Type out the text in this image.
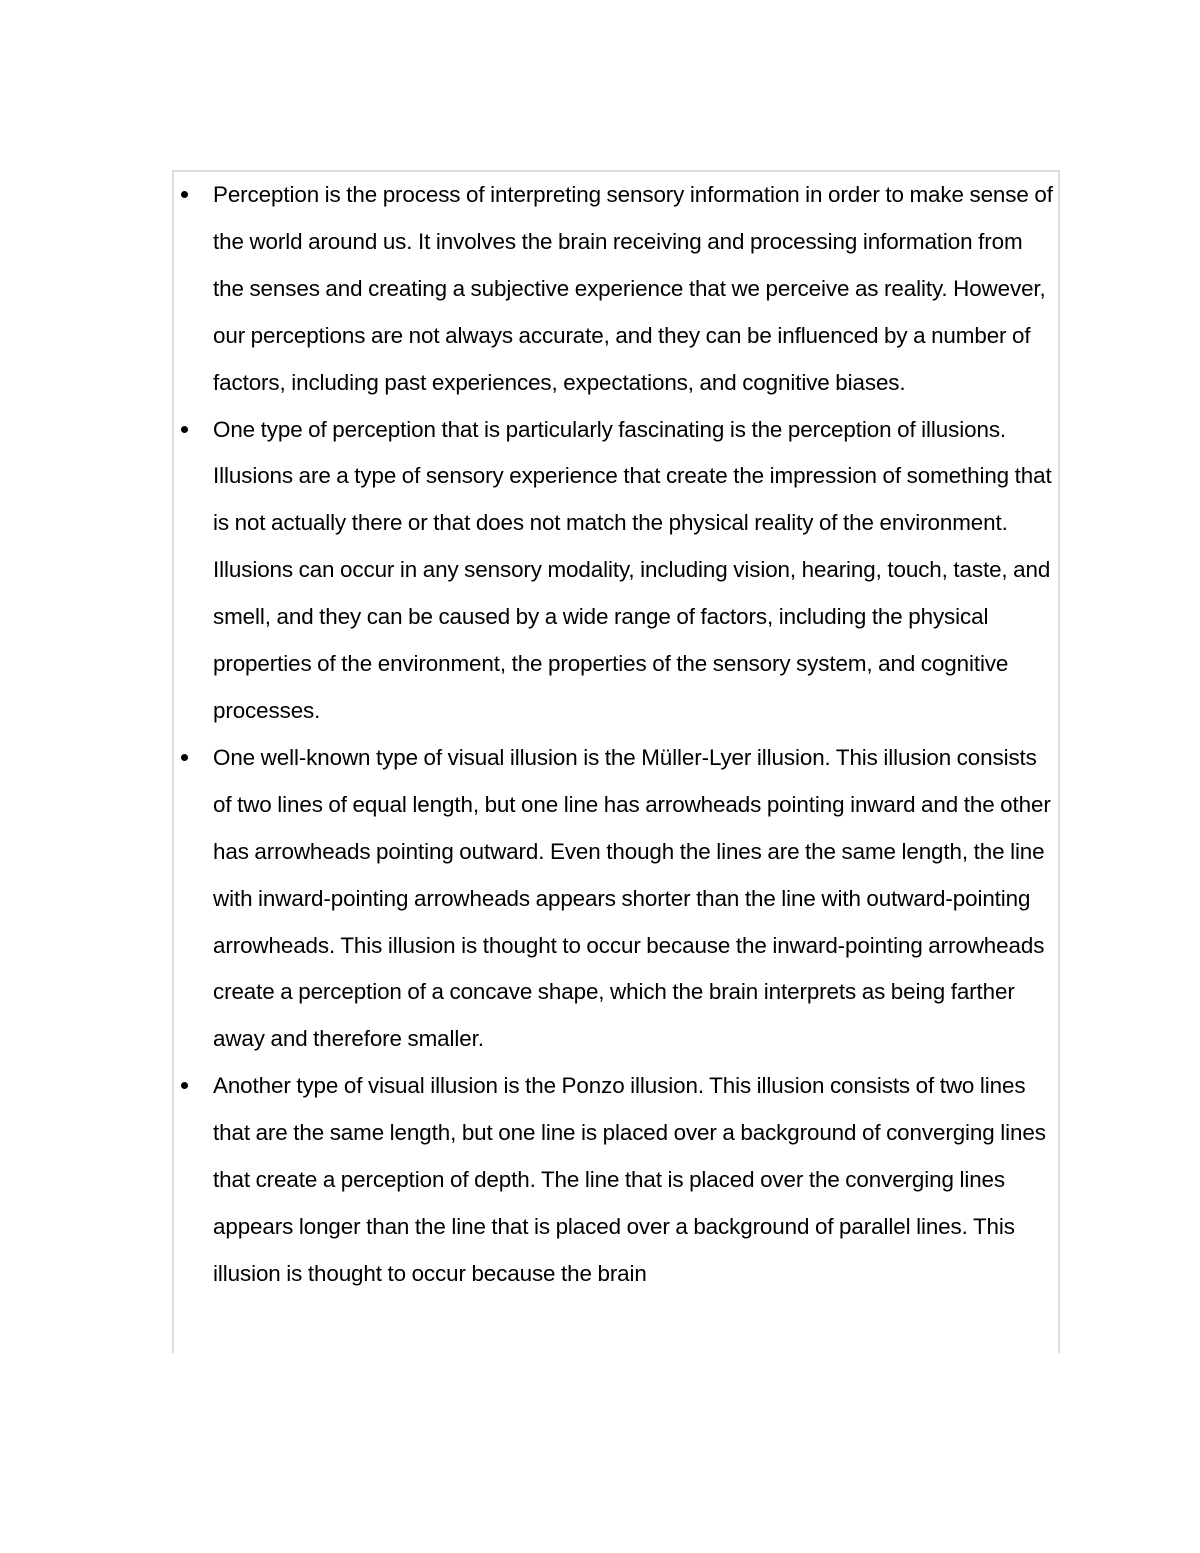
Perception is the process of interpreting sensory information in order to make sense of the world around us. It involves the brain receiving and processing information from the senses and creating a subjective experience that we perceive as reality. However, our perceptions are not always accurate, and they can be influenced by a number of factors, including past experiences, expectations, and cognitive biases.
One type of perception that is particularly fascinating is the perception of illusions. Illusions are a type of sensory experience that create the impression of something that is not actually there or that does not match the physical reality of the environment. Illusions can occur in any sensory modality, including vision, hearing, touch, taste, and smell, and they can be caused by a wide range of factors, including the physical properties of the environment, the properties of the sensory system, and cognitive processes.
One well-known type of visual illusion is the Müller-Lyer illusion. This illusion consists of two lines of equal length, but one line has arrowheads pointing inward and the other has arrowheads pointing outward. Even though the lines are the same length, the line with inward-pointing arrowheads appears shorter than the line with outward-pointing arrowheads. This illusion is thought to occur because the inward-pointing arrowheads create a perception of a concave shape, which the brain interprets as being farther away and therefore smaller.
Another type of visual illusion is the Ponzo illusion. This illusion consists of two lines that are the same length, but one line is placed over a background of converging lines that create a perception of depth. The line that is placed over the converging lines appears longer than the line that is placed over a background of parallel lines. This illusion is thought to occur because the brain
